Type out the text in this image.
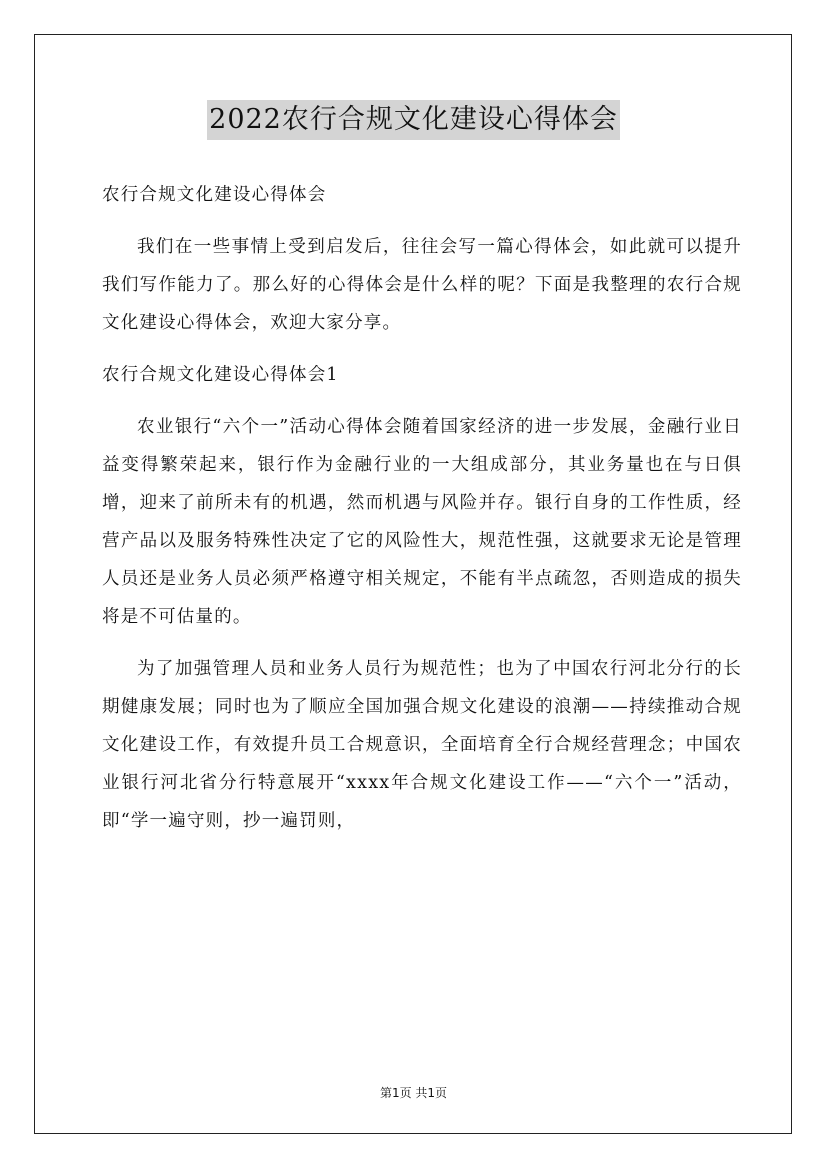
2022农行合规文化建设心得体会

农行合规文化建设心得体会

我们在一些事情上受到启发后，往往会写一篇心得体会，如此就可以提升我们写作能力了。那么好的心得体会是什么样的呢？下面是我整理的农行合规文化建设心得体会，欢迎大家分享。

农行合规文化建设心得体会1

农业银行“六个一”活动心得体会随着国家经济的进一步发展，金融行业日益变得繁荣起来，银行作为金融行业的一大组成部分，其业务量也在与日俱增，迎来了前所未有的机遇，然而机遇与风险并存。银行自身的工作性质，经营产品以及服务特殊性决定了它的风险性大，规范性强，这就要求无论是管理人员还是业务人员必须严格遵守相关规定，不能有半点疏忽，否则造成的损失将是不可估量的。

为了加强管理人员和业务人员行为规范性；也为了中国农行河北分行的长期健康发展；同时也为了顺应全国加强合规文化建设的浪潮——持续推动合规文化建设工作，有效提升员工合规意识，全面培育全行合规经营理念；中国农业银行河北省分行特意展开“xxxx年合规文化建设工作——“六个一”活动，即“学一遍守则，抄一遍罚则，

第1页 共1页
